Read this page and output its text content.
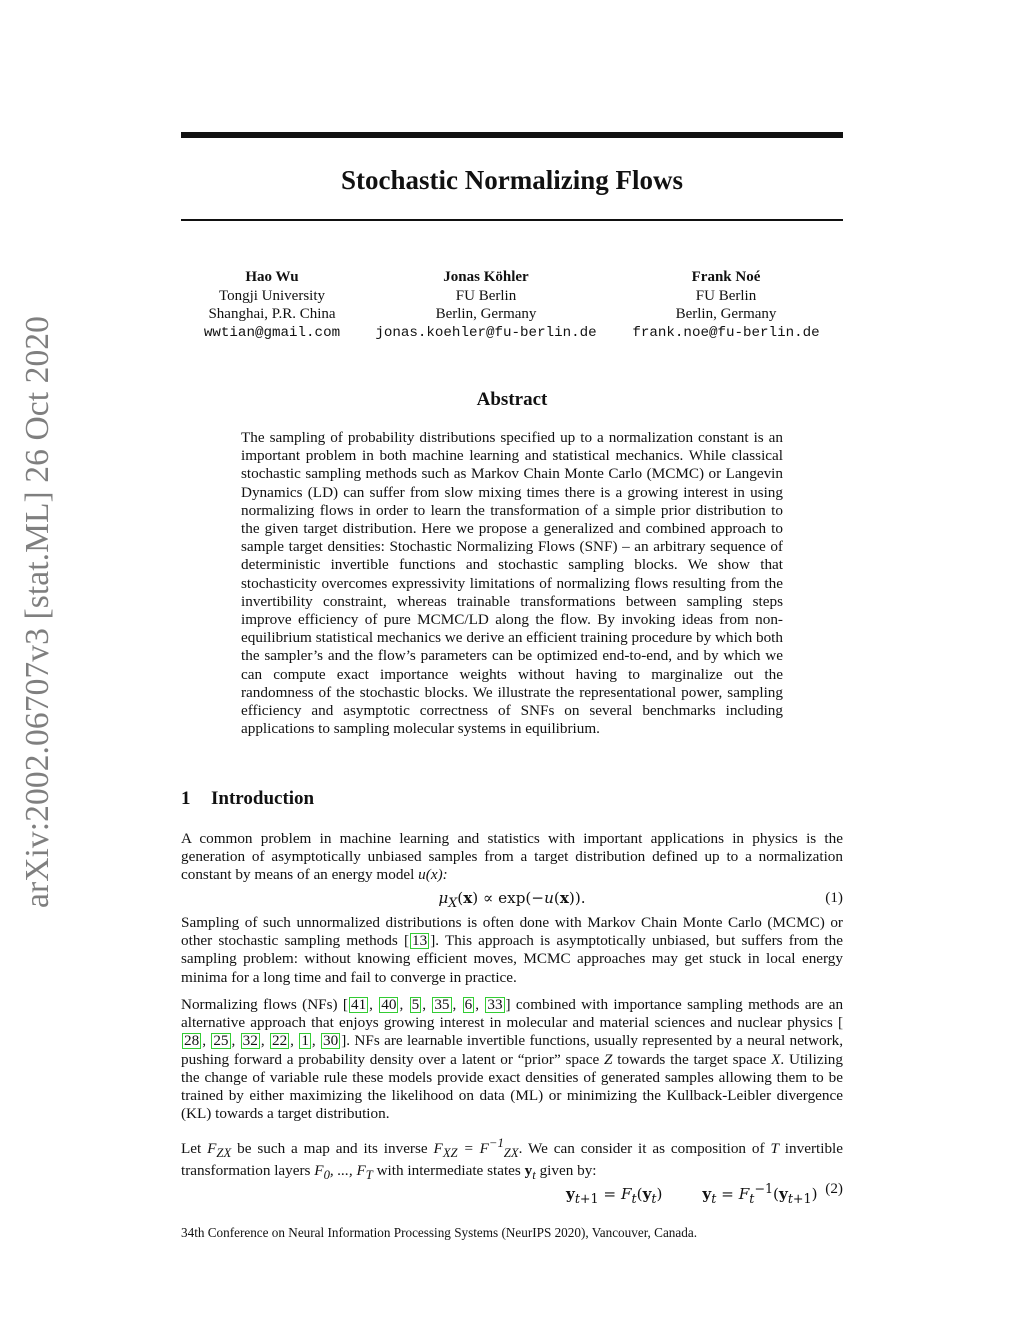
arXiv:2002.06707v3 [stat.ML] 26 Oct 2020
Stochastic Normalizing Flows
Hao Wu
Tongji University
Shanghai, P.R. China
wwtian@gmail.com
Jonas Köhler
FU Berlin
Berlin, Germany
jonas.koehler@fu-berlin.de
Frank Noé
FU Berlin
Berlin, Germany
frank.noe@fu-berlin.de
Abstract

The sampling of probability distributions specified up to a normalization constant is an important problem in both machine learning and statistical mechanics. While classical stochastic sampling methods such as Markov Chain Monte Carlo (MCMC) or Langevin Dynamics (LD) can suffer from slow mixing times there is a growing interest in using normalizing flows in order to learn the transformation of a simple prior distribution to the given target distribution. Here we propose a generalized and combined approach to sample target densities: Stochastic Normalizing Flows (SNF) – an arbitrary sequence of deterministic invertible functions and stochastic sampling blocks. We show that stochasticity overcomes expressivity limitations of normalizing flows resulting from the invertibility constraint, whereas trainable transformations between sampling steps improve efficiency of pure MCMC/LD along the flow. By invoking ideas from non-equilibrium statistical mechanics we derive an efficient training procedure by which both the sampler’s and the flow’s parameters can be optimized end-to-end, and by which we can compute exact importance weights without having to marginalize out the randomness of the stochastic blocks. We illustrate the representational power, sampling efficiency and asymptotic correctness of SNFs on several benchmarks including applications to sampling molecular systems in equilibrium.

1 Introduction

A common problem in machine learning and statistics with important applications in physics is the generation of asymptotically unbiased samples from a target distribution defined up to a normalization constant by means of an energy model u(x):

$\mu_X(x) \propto \exp(-u(x))$.	(1)

Sampling of such unnormalized distributions is often done with Markov Chain Monte Carlo (MCMC) or other stochastic sampling methods [ 13 ]. This approach is asymptotically unbiased, but suffers from the sampling problem: without knowing efficient moves, MCMC approaches may get stuck in local energy minima for a long time and fail to converge in practice.

Normalizing flows (NFs) [ 41 , 40 , 5 , 35 , 6 , 33 ] combined with importance sampling methods are an alternative approach that enjoys growing interest in molecular and material sciences and nuclear physics [28 , 25 , 32 , 22 , 1 , 30 ]. NFs are learnable invertible functions, usually represented by a neural network, pushing forward a probability density over a latent or “prior” space Z towards the target space X. Utilizing the change of variable rule these models provide exact densities of generated samples allowing them to be trained by either maximizing the likelihood on data (ML) or minimizing the Kullback-Leibler divergence (KL) towards a target distribution.

Let $F_{ZX}$ be such a map and its inverse $F_{XZ} = F^{-1}_{ZX}$. We can consider it as composition of T invertible transformation layers $F_0$, ..., $F_T$ with intermediate states $y_t$ given by:

$y_{t+1} = F_t(y_t)$	$y_t = F_t^{-1}(y_{t+1})$ (2)

34th Conference on Neural Information Processing Systems (NeurIPS 2020), Vancouver, Canada.
